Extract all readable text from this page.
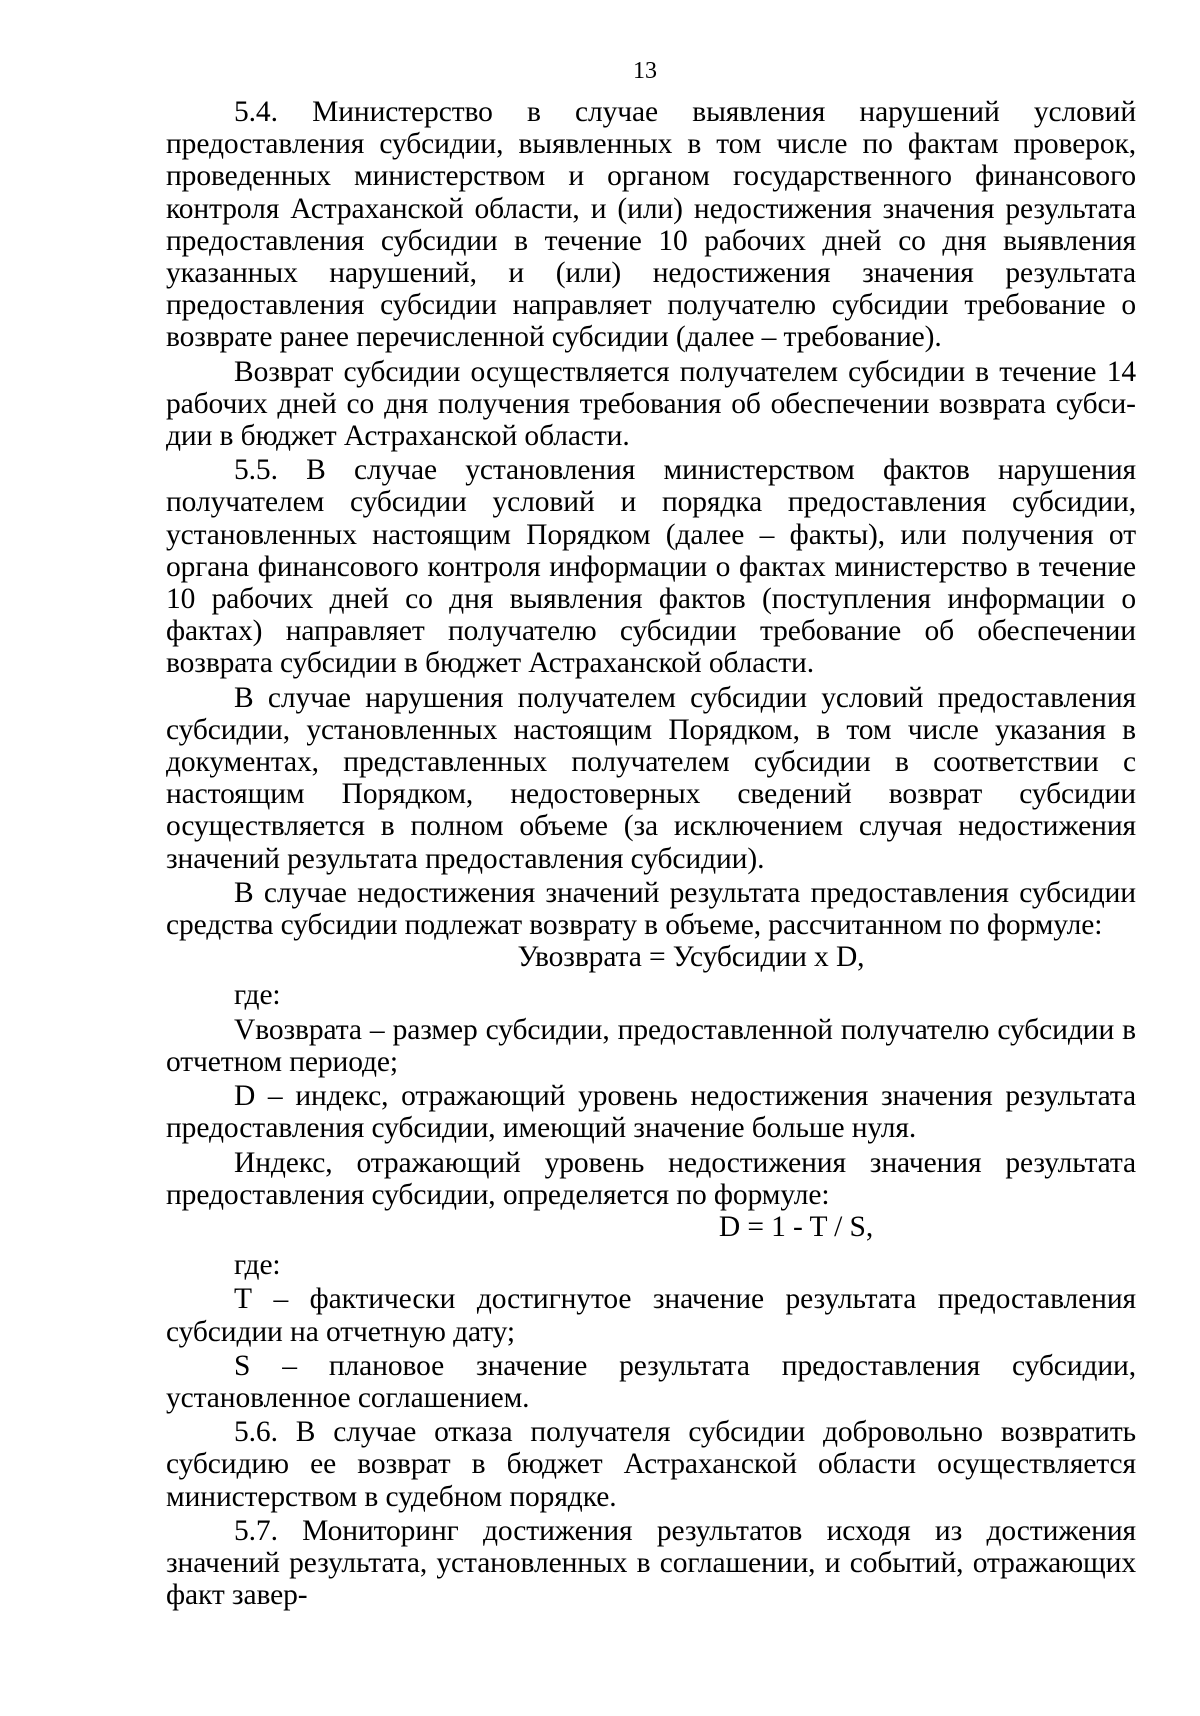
13

5.4. Министерство в случае выявления нарушений условий предоставления субсидии, выявленных в том числе по фактам проверок, проведенных министерством и органом государственного финансового контроля Астраханской области, и (или) недостижения значения результата предоставления субсидии в течение 10 рабочих дней со дня выявления указанных нарушений, и (или) недостижения значения результата предоставления субсидии направляет получателю субсидии требование о возврате ранее перечисленной субсидии (далее – требование).

Возврат субсидии осуществляется получателем субсидии в течение 14 рабочих дней со дня получения требования об обеспечении возврата субсидии в бюджет Астраханской области.

5.5. В случае установления министерством фактов нарушения получателем субсидии условий и порядка предоставления субсидии, установленных настоящим Порядком (далее – факты), или получения от органа финансового контроля информации о фактах министерство в течение 10 рабочих дней со дня выявления фактов (поступления информации о фактах) направляет получателю субсидии требование об обеспечении возврата субсидии в бюджет Астраханской области.

В случае нарушения получателем субсидии условий предоставления субсидии, установленных настоящим Порядком, в том числе указания в документах, представленных получателем субсидии в соответствии с настоящим Порядком, недостоверных сведений возврат субсидии осуществляется в полном объеме (за исключением случая недостижения значений результата предоставления субсидии).

В случае недостижения значений результата предоставления субсидии средства субсидии подлежат возврату в объеме, рассчитанном по формуле:

Увозврата = Усубсидии х D,

где:

Vвозврата – размер субсидии, предоставленной получателю субсидии в отчетном периоде;

D – индекс, отражающий уровень недостижения значения результата предоставления субсидии, имеющий значение больше нуля.

Индекс, отражающий уровень недостижения значения результата предоставления субсидии, определяется по формуле:

D = 1 - T / S,

где:

Т – фактически достигнутое значение результата предоставления субсидии на отчетную дату;

S – плановое значение результата предоставления субсидии, установленное соглашением.

5.6. В случае отказа получателя субсидии добровольно возвратить субсидию ее возврат в бюджет Астраханской области осуществляется министерством в судебном порядке.

5.7. Мониторинг достижения результатов исходя из достижения значений результата, установленных в соглашении, и событий, отражающих факт завер-
